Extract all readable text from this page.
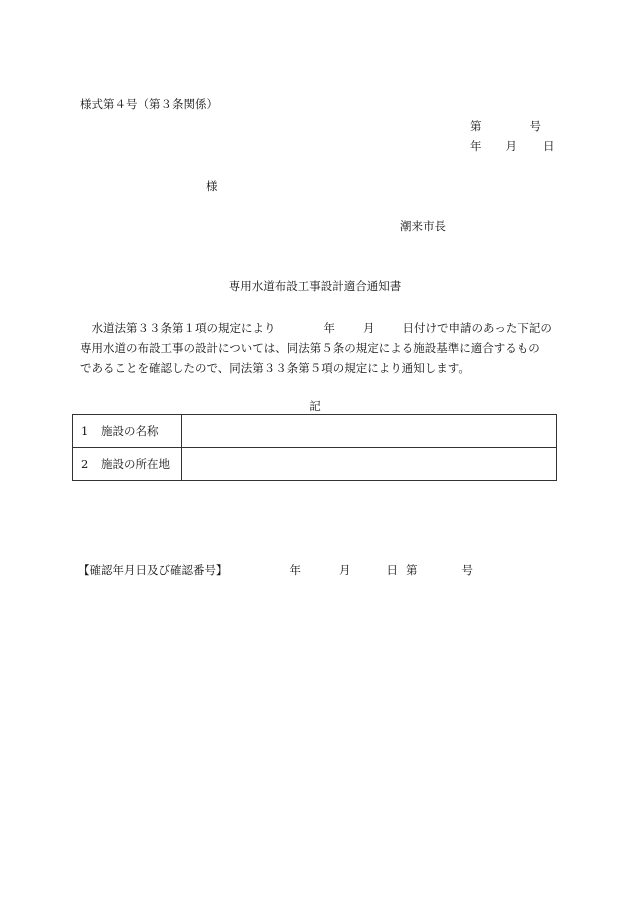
様式第４号（第３条関係）
第	号
年 月 日
様
潮来市長
専用水道布設工事設計適合通知書
　水道法第３３条第１項の規定により	年 月 日付けで申請のあった下記の
専用水道の布設工事の設計については、同法第５条の規定による施設基準に適合するもの
であることを確認したので、同法第３３条第５項の規定により通知します。
記
1 施設の名称	
2 施設の所在地	
【確認年月日及び確認番号】	年	月	日 第	号
